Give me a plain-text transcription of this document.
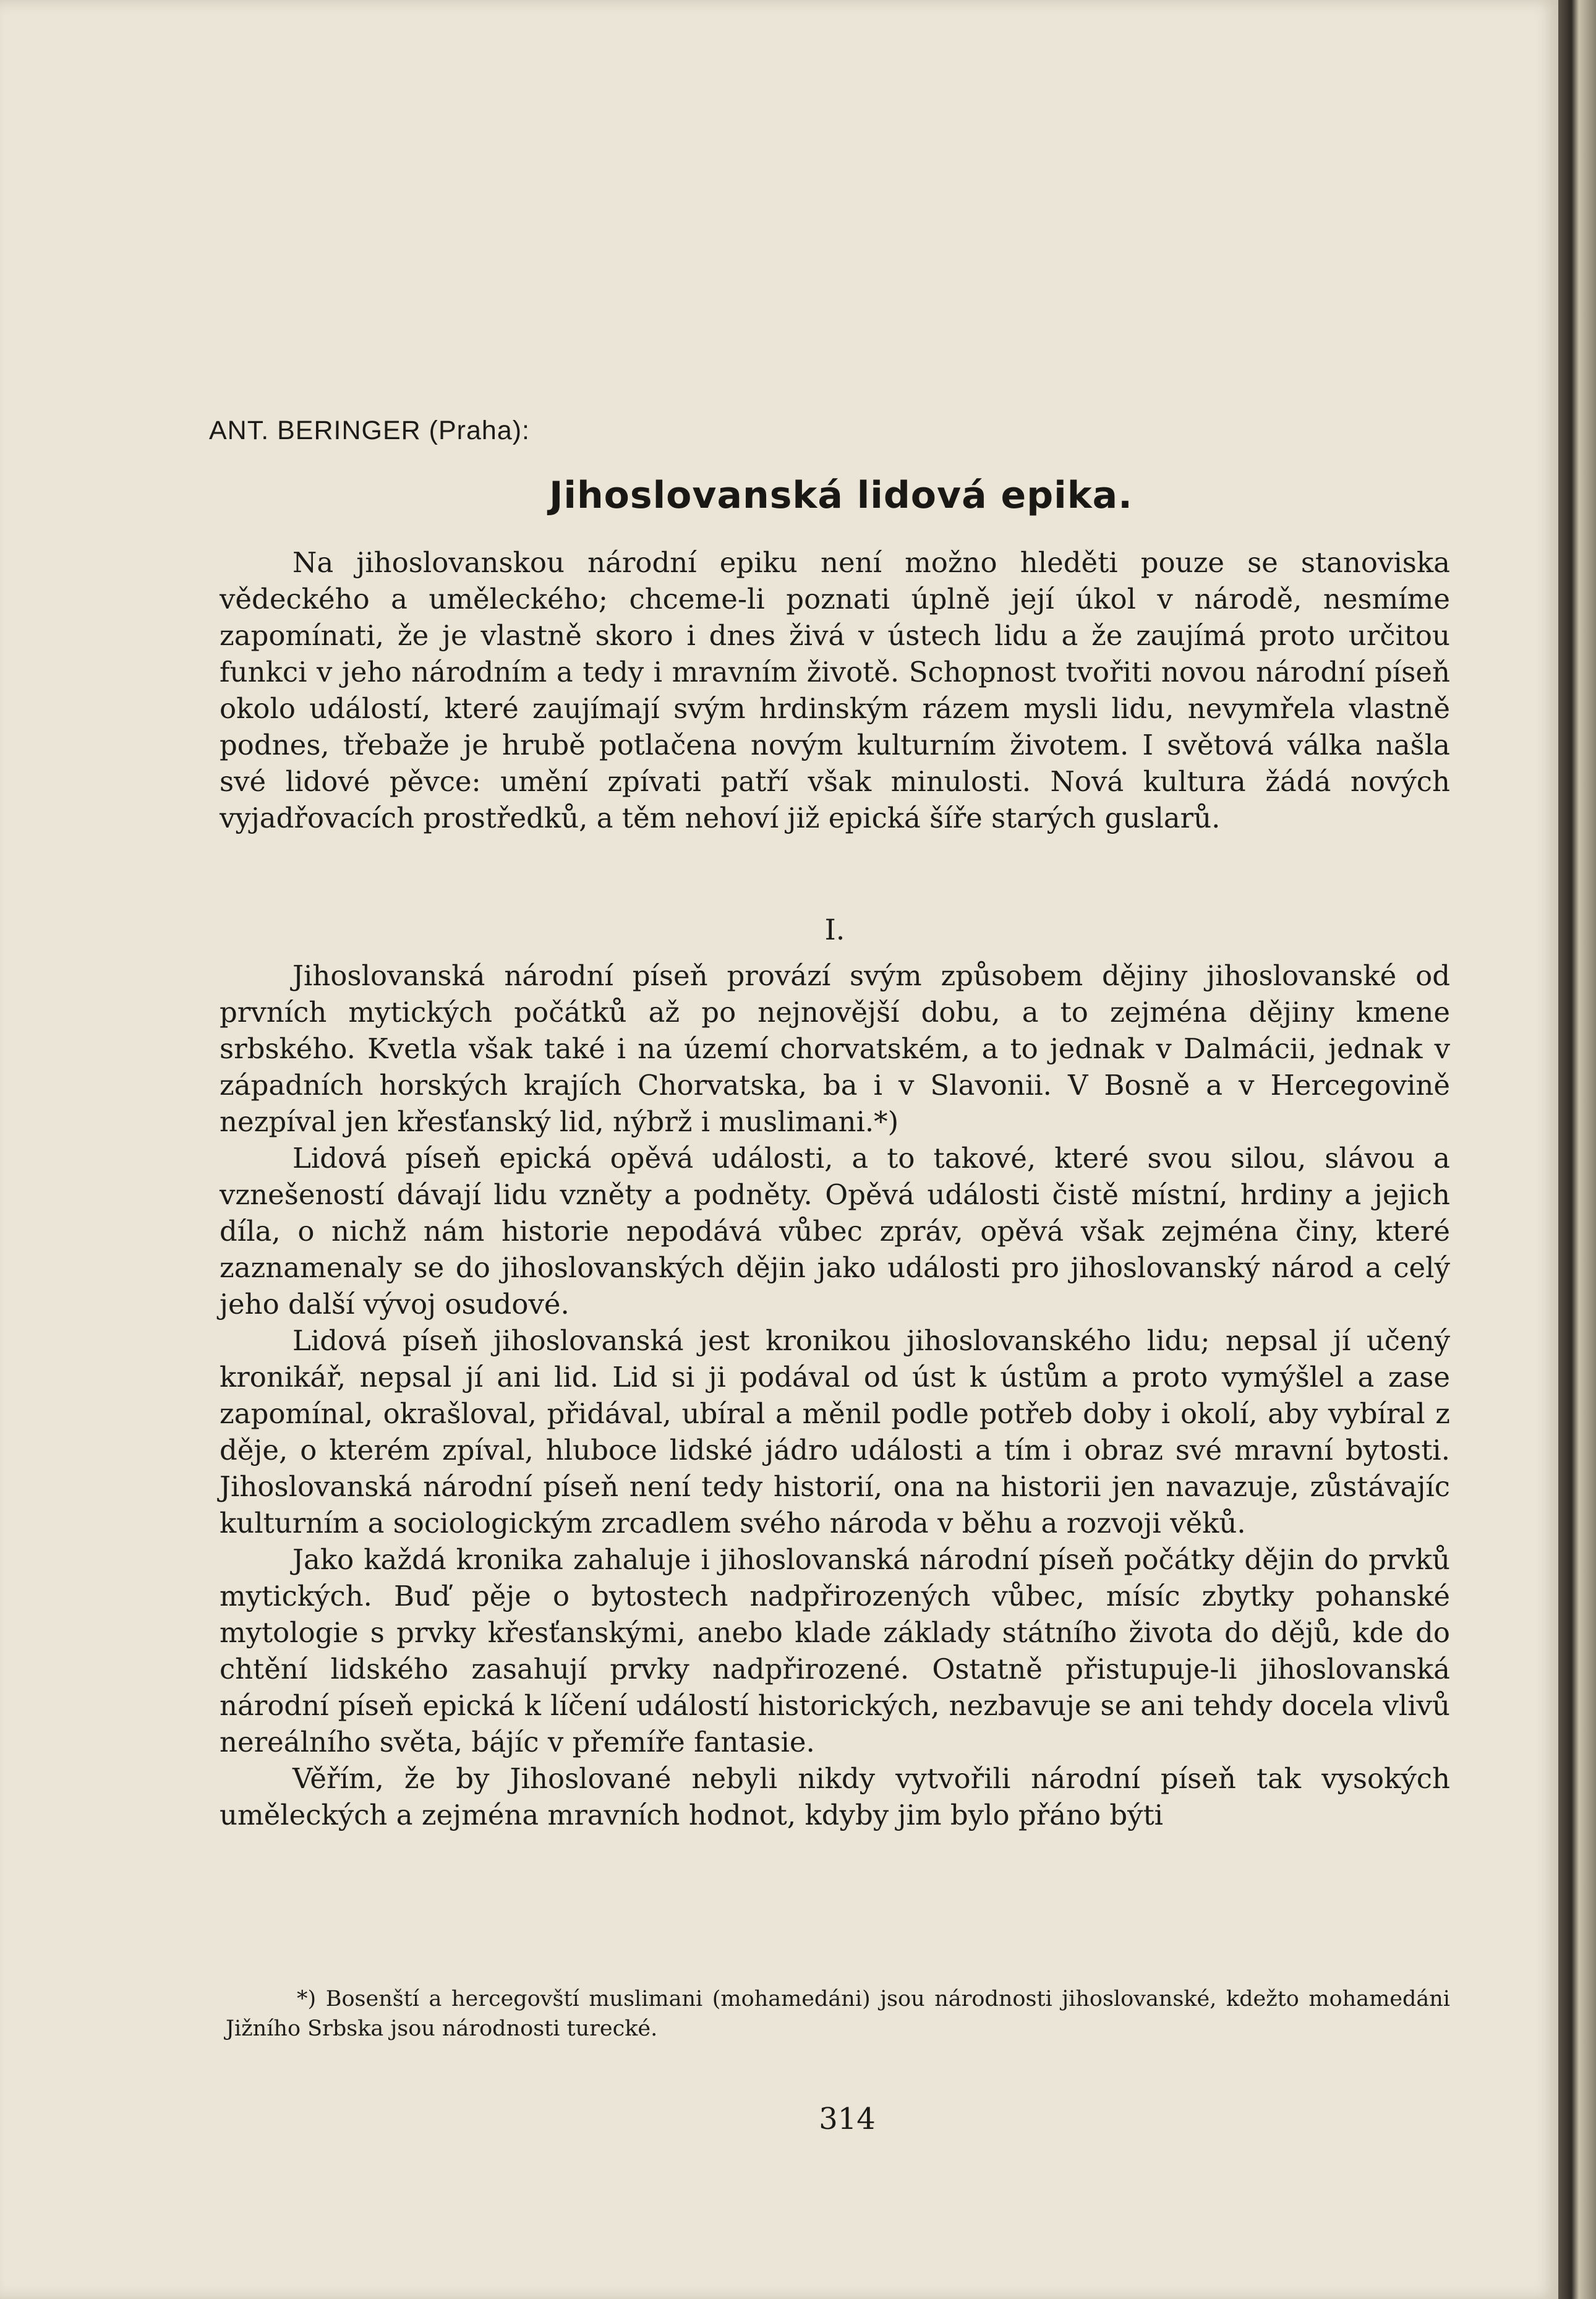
ANT. BERINGER (Praha):
Jihoslovanská lidová epika.

Na jihoslovanskou národní epiku není možno hleděti pouze se stanoviska vědeckého a uměleckého; chceme-li poznati úplně její úkol v národě, nesmíme zapomínati, že je vlastně skoro i dnes živá v ústech lidu a že zaujímá proto určitou funkci v jeho národním a tedy i mravním životě. Schopnost tvořiti novou národní píseň okolo událostí, které zaujímají svým hrdinským rázem mysli lidu, nevymřela vlastně podnes, třebaže je hrubě potlačena novým kulturním životem. I světová válka našla své lidové pěvce: umění zpívati patří však minulosti. Nová kultura žádá nových vyjadřovacích prostředků, a těm nehoví již epická šíře starých guslarů.

I.

Jihoslovanská národní píseň provází svým způsobem dějiny jihoslovanské od prvních mytických počátků až po nejnovější dobu, a to zejména dějiny kmene srbského. Kvetla však také i na území chorvatském, a to jednak v Dalmácii, jednak v západních horských krajích Chorvatska, ba i v Slavonii. V Bosně a v Hercegovině nezpíval jen křesťanský lid, nýbrž i muslimani.*)

Lidová píseň epická opěvá události, a to takové, které svou silou, slávou a vznešeností dávají lidu vzněty a podněty. Opěvá události čistě místní, hrdiny a jejich díla, o nichž nám historie nepodává vůbec zpráv, opěvá však zejména činy, které zaznamenaly se do jihoslovanských dějin jako události pro jihoslovanský národ a celý jeho další vývoj osudové.

Lidová píseň jihoslovanská jest kronikou jihoslovanského lidu; nepsal jí učený kronikář, nepsal jí ani lid. Lid si ji podával od úst k ústům a proto vymýšlel a zase zapomínal, okrašloval, přidával, ubíral a měnil podle potřeb doby i okolí, aby vybíral z děje, o kterém zpíval, hluboce lidské jádro události a tím i obraz své mravní bytosti. Jihoslovanská národní píseň není tedy historií, ona na historii jen navazuje, zůstávajíc kulturním a sociologickým zrcadlem svého národa v běhu a rozvoji věků.

Jako každá kronika zahaluje i jihoslovanská národní píseň počátky dějin do prvků mytických. Buď pěje o bytostech nadpřirozených vůbec, mísíc zbytky pohanské mytologie s prvky křesťanskými, anebo klade základy státního života do dějů, kde do chtění lidského zasahují prvky nadpřirozené. Ostatně přistupuje-li jihoslovanská národní píseň epická k líčení událostí historických, nezbavuje se ani tehdy docela vlivů nereálního světa, bájíc v přemíře fantasie.

Věřím, že by Jihoslované nebyli nikdy vytvořili národní píseň tak vysokých uměleckých a zejména mravních hodnot, kdyby jim bylo přáno býti

*) Bosenští a hercegovští muslimani (mohamedáni) jsou národnosti jihoslovanské, kdežto mohamedáni Jižního Srbska jsou národnosti turecké.
314
